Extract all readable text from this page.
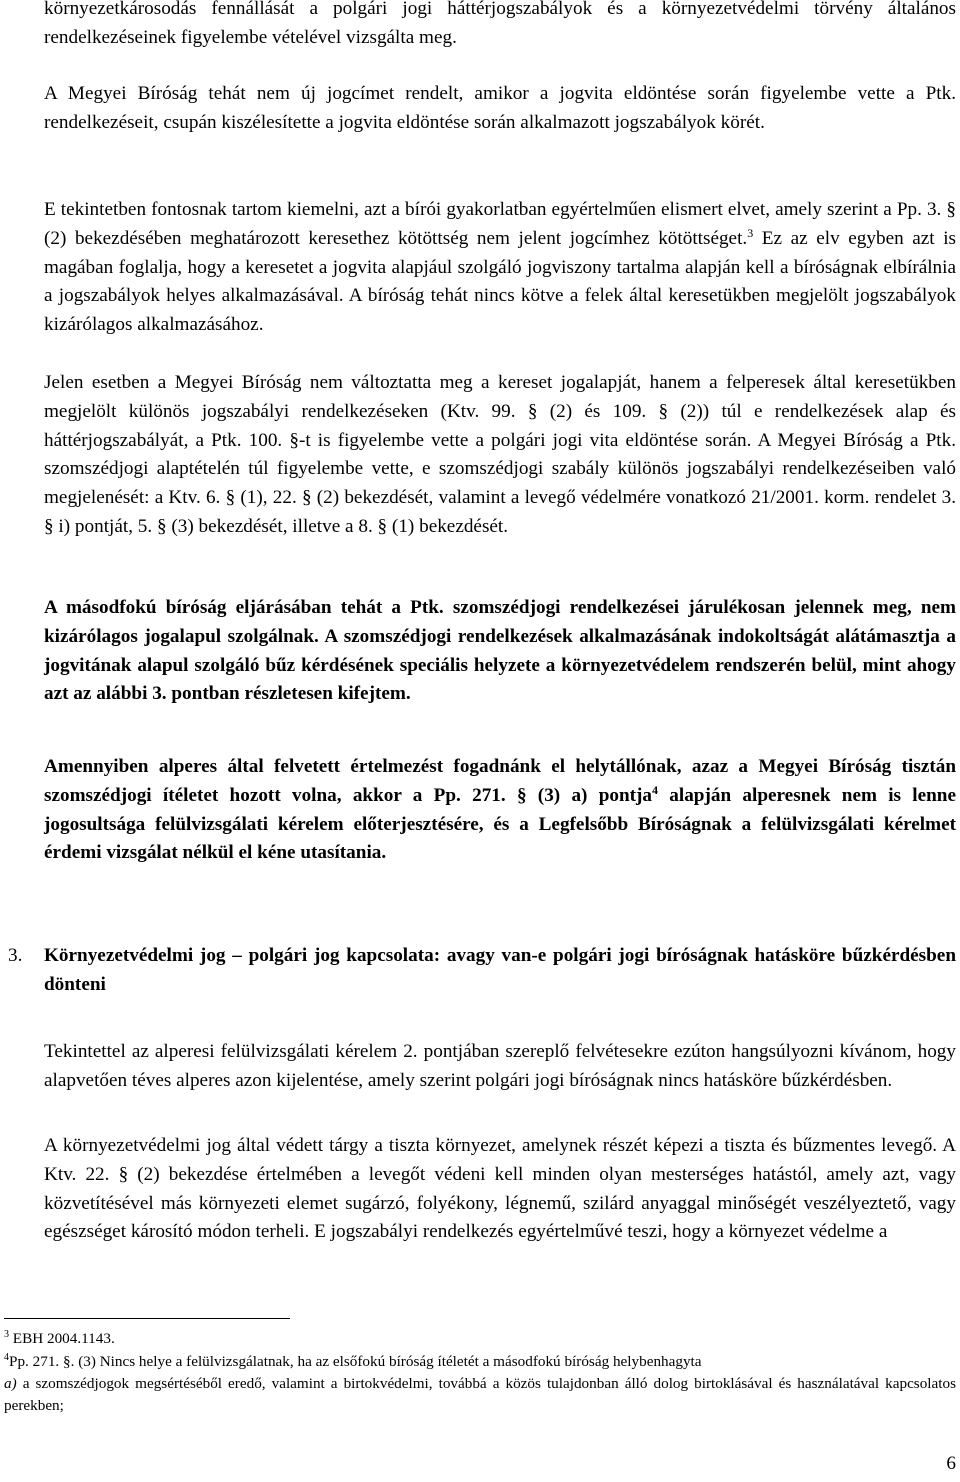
környezetkárosodás fennállását a polgári jogi háttérjogszabályok és a környezetvédelmi törvény általános rendelkezéseinek figyelembe vételével vizsgálta meg.

A Megyei Bíróság tehát nem új jogcímet rendelt, amikor a jogvita eldöntése során figyelembe vette a Ptk. rendelkezéseit, csupán kiszélesítette a jogvita eldöntése során alkalmazott jogszabályok körét.

E tekintetben fontosnak tartom kiemelni, azt a bírói gyakorlatban egyértelműen elismert elvet, amely szerint a Pp. 3. § (2) bekezdésében meghatározott keresethez kötöttség nem jelent jogcímhez kötöttséget.$^3$ Ez az elv egyben azt is magában foglalja, hogy a keresetet a jogvita alapjául szolgáló jogviszony tartalma alapján kell a bíróságnak elbírálnia a jogszabályok helyes alkalmazásával. A bíróság tehát nincs kötve a felek által keresetükben megjelölt jogszabályok kizárólagos alkalmazásához.

Jelen esetben a Megyei Bíróság nem változtatta meg a kereset jogalapját, hanem a felperesek által keresetükben megjelölt különös jogszabályi rendelkezéseken (Ktv. 99. § (2) és 109. § (2)) túl e rendelkezések alap és háttérjogszabályát, a Ptk. 100. §-t is figyelembe vette a polgári jogi vita eldöntése során. A Megyei Bíróság a Ptk. szomszédjogi alaptételén túl figyelembe vette, e szomszédjogi szabály különös jogszabályi rendelkezéseiben való megjelenését: a Ktv. 6. § (1), 22. § (2) bekezdését, valamint a levegő védelmére vonatkozó 21/2001. korm. rendelet 3. § i) pontját, 5. § (3) bekezdését, illetve a 8. § (1) bekezdését.

A másodfokú bíróság eljárásában tehát a Ptk. szomszédjogi rendelkezései járulékosan jelennek meg, nem kizárólagos jogalapul szolgálnak. A szomszédjogi rendelkezések alkalmazásának indokoltságát alátámasztja a jogvitának alapul szolgáló bűz kérdésének speciális helyzete a környezetvédelem rendszerén belül, mint ahogy azt az alábbi 3. pontban részletesen kifejtem.

Amennyiben alperes által felvetett értelmezést fogadnánk el helytállónak, azaz a Megyei Bíróság tisztán szomszédjogi ítéletet hozott volna, akkor a Pp. 271. § (3) a) pontja$^4$ alapján alperesnek nem is lenne jogosultsága felülvizsgálati kérelem előterjesztésére, és a Legfelsőbb Bíróságnak a felülvizsgálati kérelmet érdemi vizsgálat nélkül el kéne utasítania.

3.	Környezetvédelmi jog – polgári jog kapcsolata: avagy van-e polgári jogi bíróságnak hatásköre bűzkérdésben dönteni

Tekintettel az alperesi felülvizsgálati kérelem 2. pontjában szereplő felvétesekre ezúton hangsúlyozni kívánom, hogy alapvetően téves alperes azon kijelentése, amely szerint polgári jogi bíróságnak nincs hatásköre bűzkérdésben.

A környezetvédelmi jog által védett tárgy a tiszta környezet, amelynek részét képezi a tiszta és bűzmentes levegő. A Ktv. 22. § (2) bekezdése értelmében a levegőt védeni kell minden olyan mesterséges hatástól, amely azt, vagy közvetítésével más környezeti elemet sugárzó, folyékony, légnemű, szilárd anyaggal minőségét veszélyeztető, vagy egészséget károsító módon terheli. E jogszabályi rendelkezés egyértelművé teszi, hogy a környezet védelme a

$^3$ EBH 2004.1143.

$^4$Pp. 271. §. (3) Nincs helye a felülvizsgálatnak, ha az elsőfokú bíróság ítéletét a másodfokú bíróság helybenhagyta
a) a szomszédjogok megsértéséből eredő, valamint a birtokvédelmi, továbbá a közös tulajdonban álló dolog birtoklásával és használatával kapcsolatos perekben;

6
